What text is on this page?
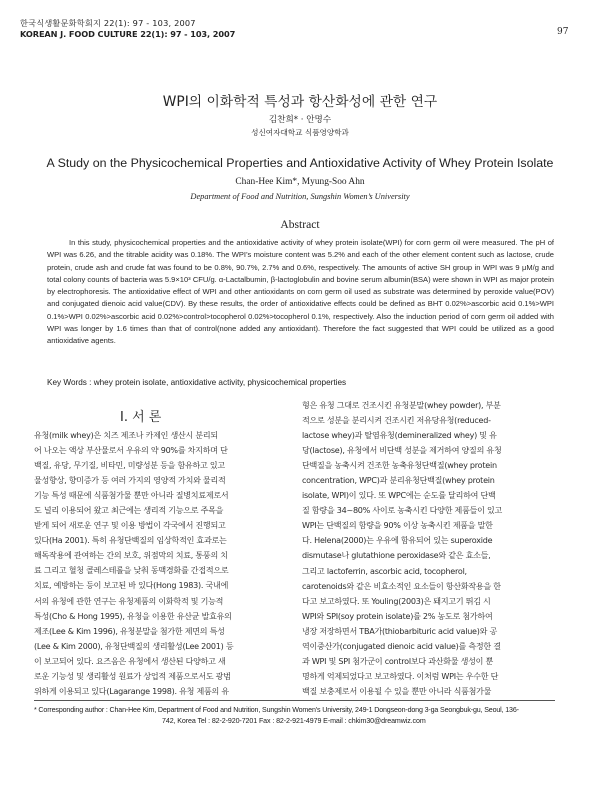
한국식생활문화학회지 22(1): 97 - 103, 2007
KOREAN J. FOOD CULTURE 22(1): 97 - 103, 2007	97
WPI의 이화학적 특성과 항산화성에 관한 연구
김찬희* · 안명수
성신여자대학교 식품영양학과
A Study on the Physicochemical Properties and Antioxidative Activity of Whey Protein Isolate
Chan-Hee Kim*, Myung-Soo Ahn
Department of Food and Nutrition, Sungshin Women’s University
Abstract
In this study, physicochemical properties and the antioxidative activity of whey protein isolate(WPI) for corn germ oil were measured. The pH of WPI was 6.26, and the titrable acidity was 0.18%. The WPI’s moisture content was 5.2% and each of the other element content such as lactose, crude protein, crude ash and crude fat was found to be 0.8%, 90.7%, 2.7% and 0.6%, respectively. The amounts of active SH group in WPI was 9 μM/g and total colony counts of bacteria was 5.9×10³ CFU/g. α-Lactalbumin, β-lactoglobulin and bovine serum albumin(BSA) were shown in WPI as major protein by electrophoresis. The antioxidative effect of WPI and other antioxidants on corn germ oil used as substrate was determined by peroxide value(POV) and conjugated dienoic acid value(CDV). By these results, the order of antioxidative effects could be defined as BHT 0.02%>ascorbic acid 0.1%>WPI 0.1%>WPI 0.02%>ascorbic acid 0.02%>control>tocopherol 0.02%>tocopherol 0.1%, respectively. Also the induction period of corn germ oil added with WPI was longer by 1.6 times than that of control(none added any antioxidant). Therefore the fact suggested that WPI could be utilized as a good antioxidative agents.
Key Words : whey protein isolate, antioxidative activity, physicochemical properties
I. 서 론
유청(milk whey)은 치즈 제조나 카제인 생산시 분리되
어 나오는 액상 부산물로서 우유의 약 90%를 차지하며 단
백질, 유당, 무기질, 비타민, 미량성분 등을 함유하고 있고
물성향상, 향미증가 등 여러 가지의 영양적 가치와 물리적
기능 특성 때문에 식품첨가물 뿐만 아니라 질병치료제로서
도 널리 이용되어 왔고 최근에는 생리적 기능으로 주목을
받게 되어 새로운 연구 및 이용 방법이 각국에서 진행되고
있다(Ha 2001). 특히 유청단백질의 임상학적인 효과로는
해독작용에 관여하는 간의 보호, 위점막의 치료, 통풍의 치
료 그리고 혈청 콜레스테롤을 낮춰 동맥경화를 간접적으로
치료, 예방하는 등이 보고된 바 있다(Hong 1983). 국내에
서의 유청에 관한 연구는 유청제품의 이화학적 및 기능적
특성(Cho & Hong 1995), 유청을 이용한 유산균 발효유의
제조(Lee & Kim 1996), 유청분말을 첨가한 제면의 특성
(Lee & Kim 2000), 유청단백질의 생리활성(Lee 2001) 등
이 보고되어 있다. 요즈음은 유청에서 생산된 다양하고 새
로운 기능성 및 생리활성 원료가 상업적 제품으로서도 광범
위하게 이용되고 있다(Lagarange 1998). 유청 제품의 유
형은 유청 그대로 건조시킨 유청분말(whey powder), 부분
적으로 성분을 분리시켜 건조시킨 저유당유청(reduced-
lactose whey)과 탈염유청(demineralized whey) 및 유
당(lactose), 유청에서 비단백 성분을 제거하여 양질의 유청
단백질을 농축시켜 건조한 농축유청단백질(whey protein
concentration, WPC)과 분리유청단백질(whey protein
isolate, WPI)이 있다. 또 WPC에는 순도를 달리하여 단백
질 함량을 34~80% 사이로 농축시킨 다양한 제품들이 있고
WPI는 단백질의 함량을 90% 이상 농축시킨 제품을 말한
다. Helena(2000)는 우유에 함유되어 있는 superoxide
dismutase나 glutathione peroxidase와 같은 효소들,
그리고 lactoferrin, ascorbic acid, tocopherol,
carotenoids와 같은 비효소적인 요소들이 항산화작용을 한
다고 보고하였다. 또 Youling(2003)은 돼지고기 뛰김 시
WPI와 SPI(soy protein isolate)를 2% 농도로 첨가하여
냉장 저장하면서 TBA가(thiobarbituric acid value)와 공
역이중산가(conjugated dienoic acid value)를 측정한 결
과 WPI 및 SPI 첨가군이 control보다 과산화물 생성이 뿐
명하게 억제되었다고 보고하였다. 이처럼 WPI는 우수한 단
백질 보충제로서 이용될 수 있을 뿐만 아니라 식품첨가물
* Corresponding author : Chan-Hee Kim, Department of Food and Nutrition, Sungshin Women’s University, 249-1 Dongseon-dong 3-ga Seongbuk-gu, Seoul, 136-
742, Korea Tel : 82-2-920-7201 Fax : 82-2-921-4979 E-mail : chkim30@dreamwiz.com
